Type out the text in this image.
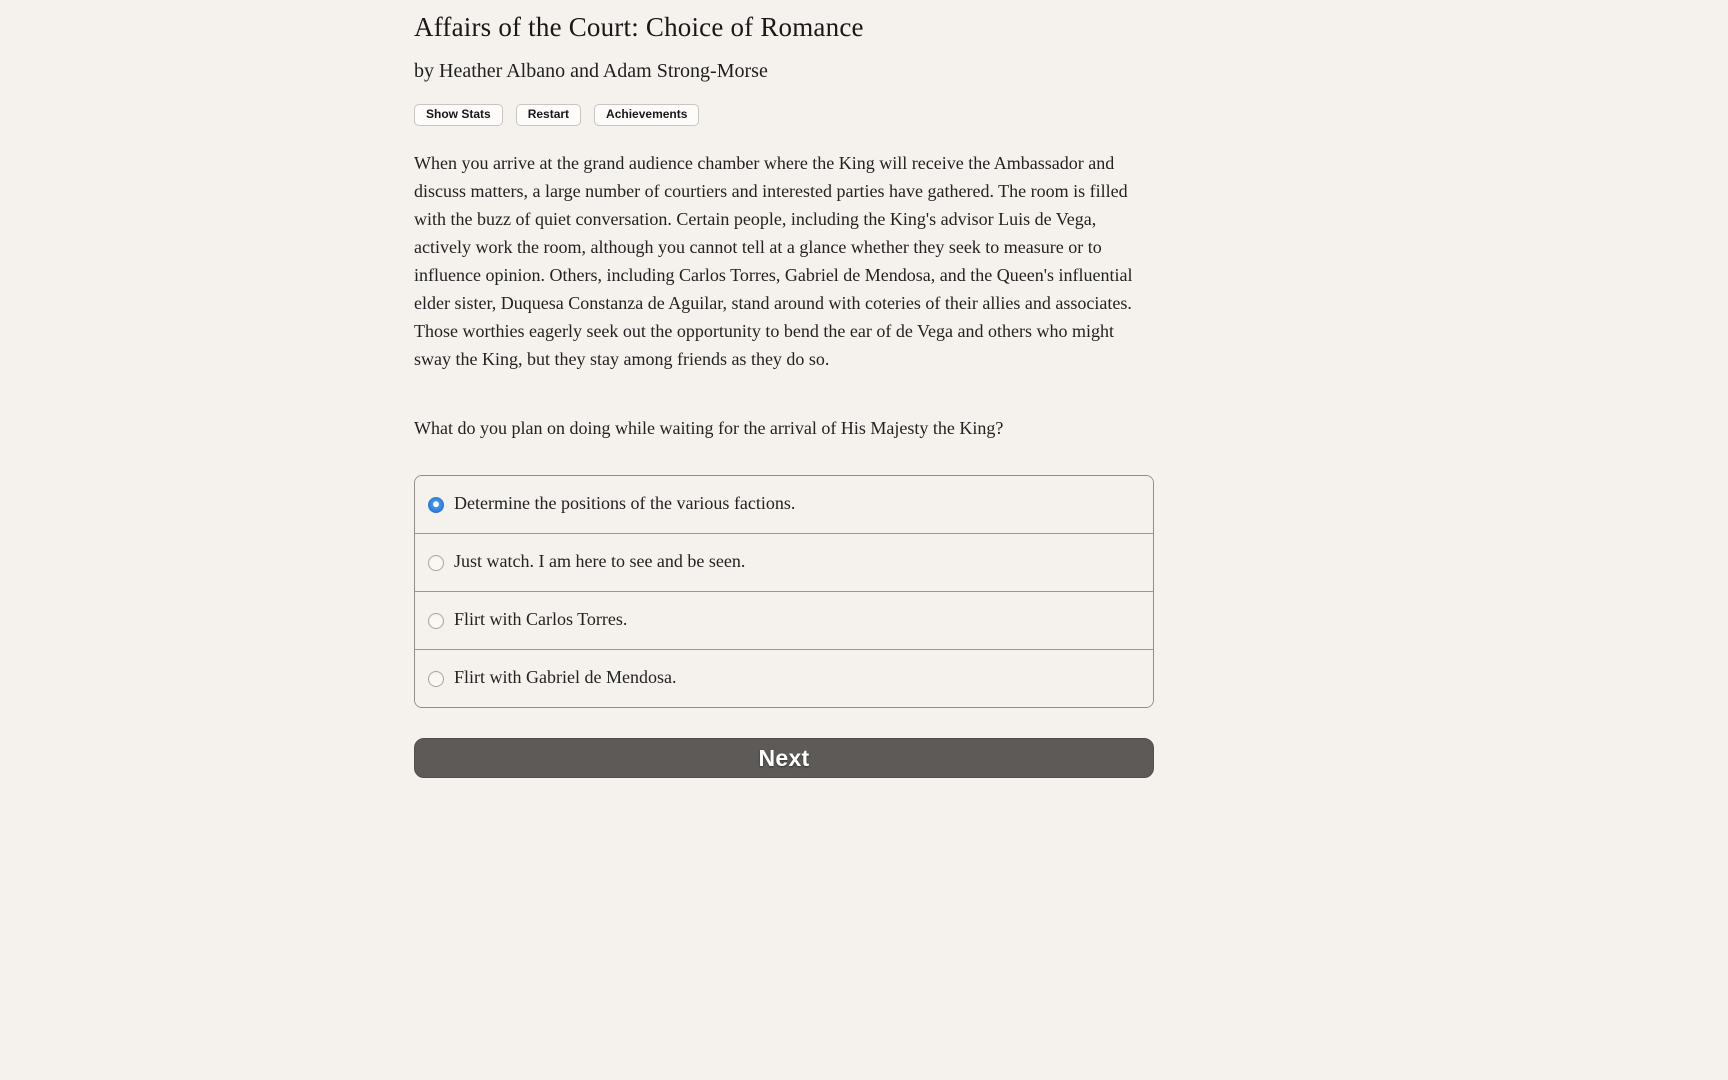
Affairs of the Court: Choice of Romance
by Heather Albano and Adam Strong-Morse
Show Stats	Restart	Achievements
When you arrive at the grand audience chamber where the King will receive the Ambassador and discuss matters, a large number of courtiers and interested parties have gathered. The room is filled with the buzz of quiet conversation. Certain people, including the King's advisor Luis de Vega, actively work the room, although you cannot tell at a glance whether they seek to measure or to influence opinion. Others, including Carlos Torres, Gabriel de Mendosa, and the Queen's influential elder sister, Duquesa Constanza de Aguilar, stand around with coteries of their allies and associates. Those worthies eagerly seek out the opportunity to bend the ear of de Vega and others who might sway the King, but they stay among friends as they do so.
What do you plan on doing while waiting for the arrival of His Majesty the King?
Determine the positions of the various factions.
Just watch. I am here to see and be seen.
Flirt with Carlos Torres.
Flirt with Gabriel de Mendosa.
Next
